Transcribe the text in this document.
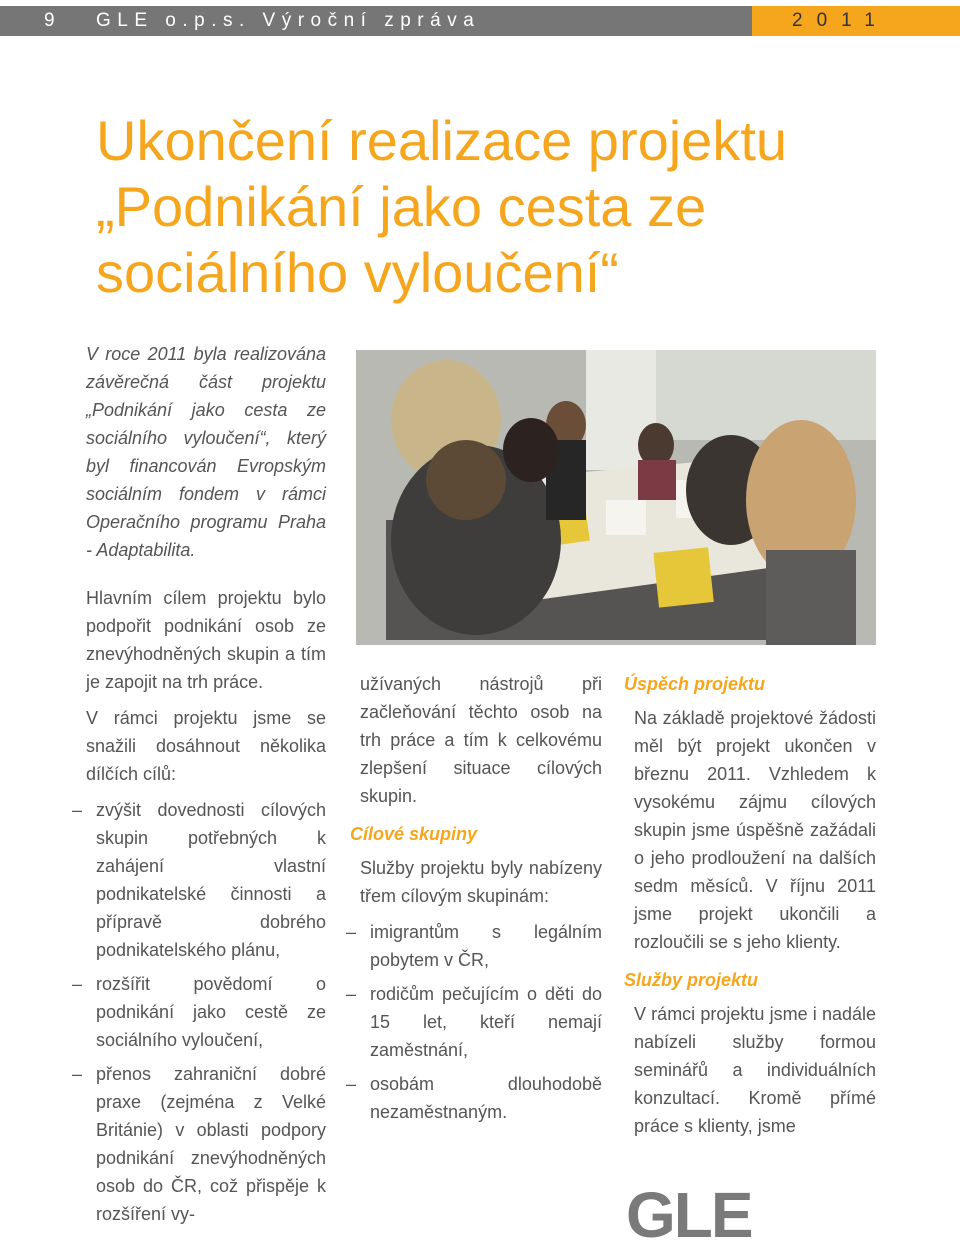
9 GLE o.p.s. Výroční zpráva	2011
Ukončení realizace projektu „Podnikání jako cesta ze sociálního vyloučení“

V roce 2011 byla realizována závěrečná část projektu „Podnikání jako cesta ze sociálního vyloučení“, který byl financován Evropským sociálním fondem v rámci Operačního programu Praha - Adaptabilita.

Hlavním cílem projektu bylo podpořit podnikání osob ze znevýhodněných skupin a tím je zapojit na trh práce.

V rámci projektu jsme se snažili dosáhnout několika dílčích cílů:

– zvýšit dovednosti cílových skupin potřebných k zahájení vlastní podnikatelské činnosti a přípravě dobrého podnikatelského plánu,
– rozšířit povědomí o podnikání jako cestě ze sociálního vyloučení,
– přenos zahraniční dobré praxe (zejména z Velké Británie) v oblasti podpory podnikání znevýhodněných osob do ČR, což přispěje k rozšíření vy-

užívaných nástrojů při začleňování těchto osob na trh práce a tím k celkovému zlepšení situace cílových skupin.

Cílové skupiny

Služby projektu byly nabízeny třem cílovým skupinám:

– imigrantům s legálním pobytem v ČR,
– rodičům pečujícím o děti do 15 let, kteří nemají zaměstnání,
– osobám dlouhodobě nezaměstnaným.

Úspěch projektu

Na základě projektové žádosti měl být projekt ukončen v březnu 2011. Vzhledem k vysokému zájmu cílových skupin jsme úspěšně zažádali o jeho prodloužení na dalších sedm měsíců. V říjnu 2011 jsme projekt ukončili a rozloučili se s jeho klienty.

Služby projektu

V rámci projektu jsme i nadále nabízeli služby formou seminářů a individuálních konzultací. Kromě přímé práce s klienty, jsme

GLE
